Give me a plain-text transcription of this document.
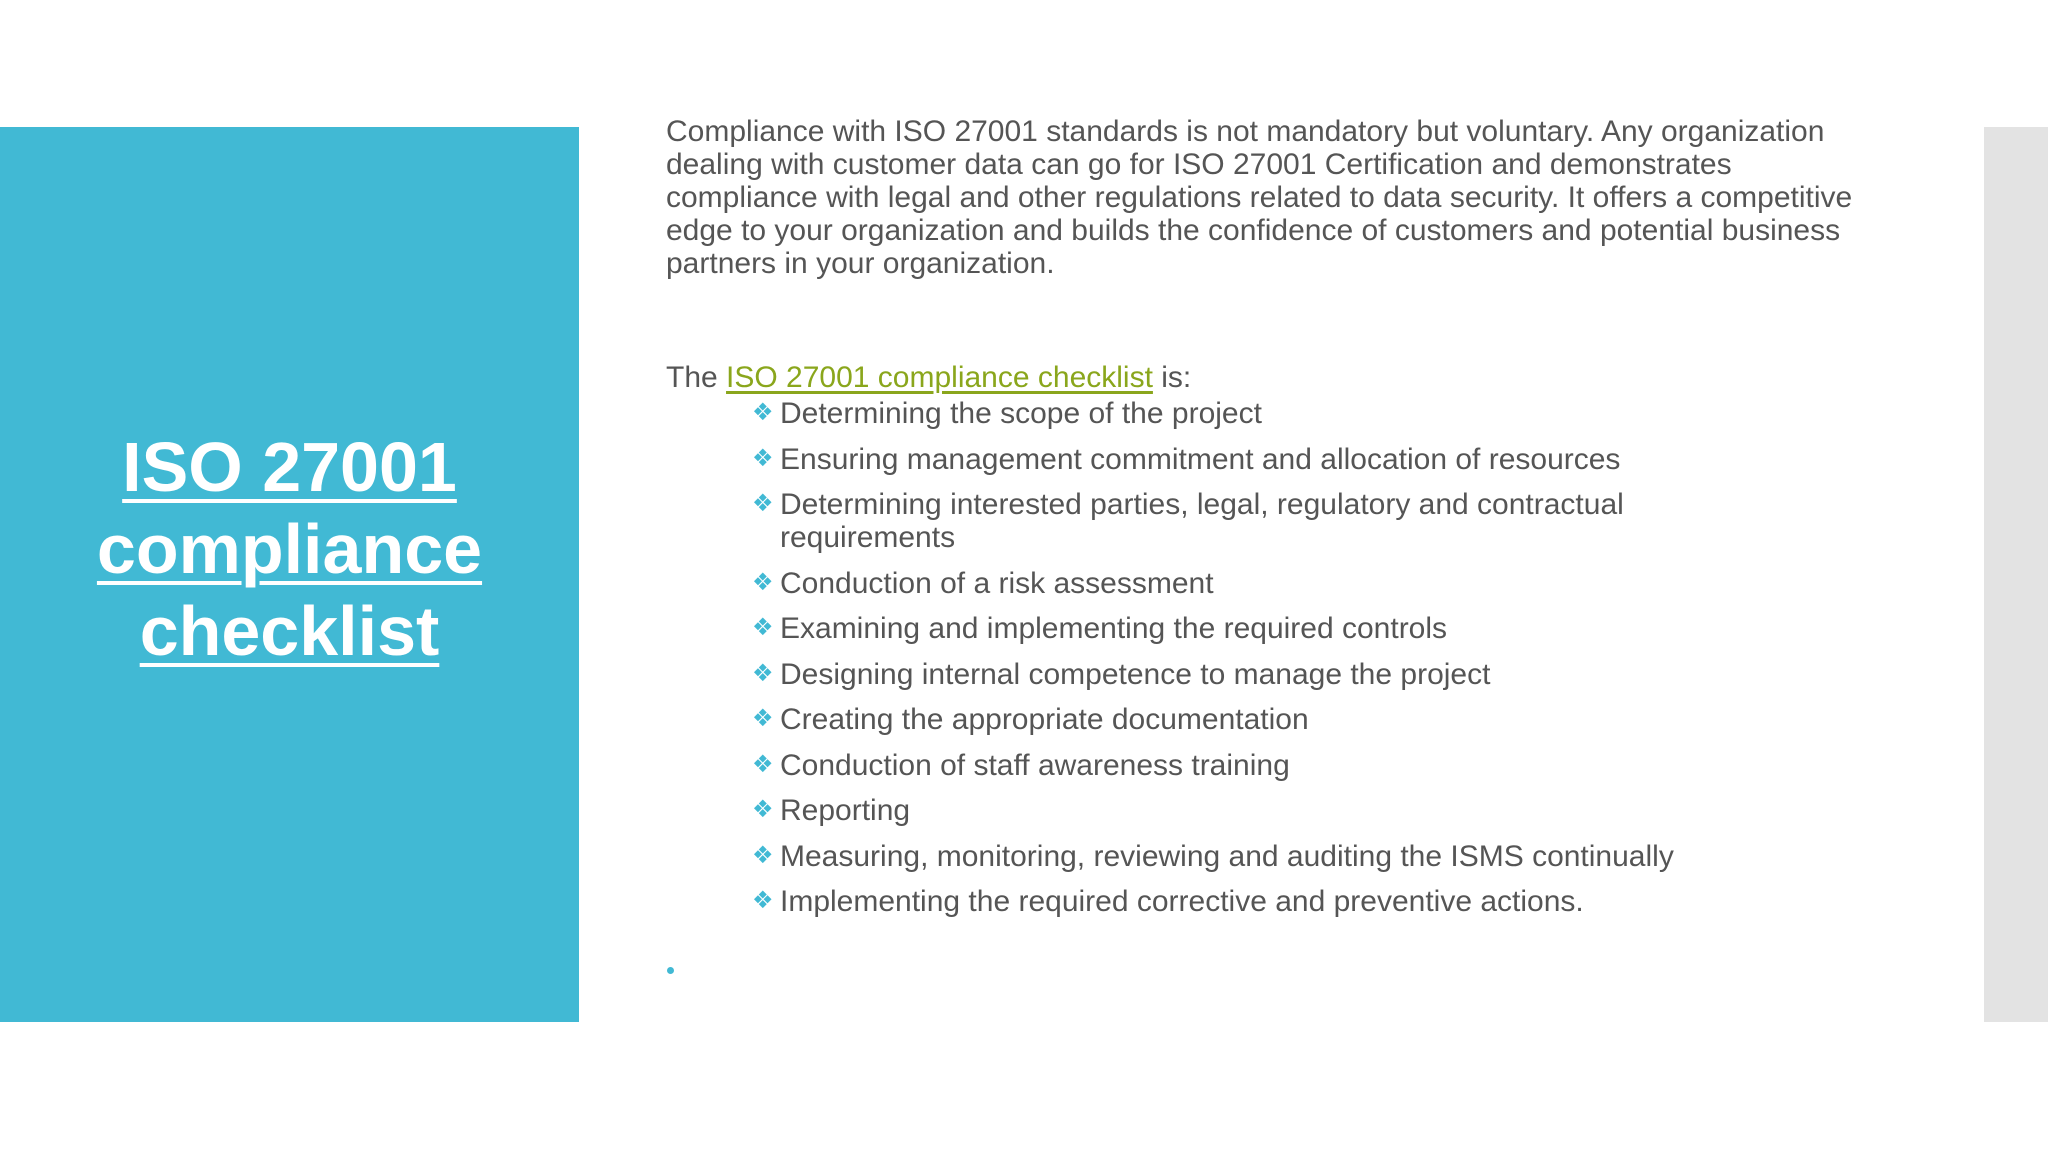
ISO 27001 compliance checklist

Compliance with ISO 27001 standards is not mandatory but voluntary. Any organization dealing with customer data can go for ISO 27001 Certification and demonstrates compliance with legal and other regulations related to data security. It offers a competitive edge to your organization and builds the confidence of customers and potential business partners in your organization.

The ISO 27001 compliance checklist is:
❖ Determining the scope of the project
❖ Ensuring management commitment and allocation of resources
❖ Determining interested parties, legal, regulatory and contractual requirements
❖ Conduction of a risk assessment
❖ Examining and implementing the required controls
❖ Designing internal competence to manage the project
❖ Creating the appropriate documentation
❖ Conduction of staff awareness training
❖ Reporting
❖ Measuring, monitoring, reviewing and auditing the ISMS continually
❖ Implementing the required corrective and preventive actions.
